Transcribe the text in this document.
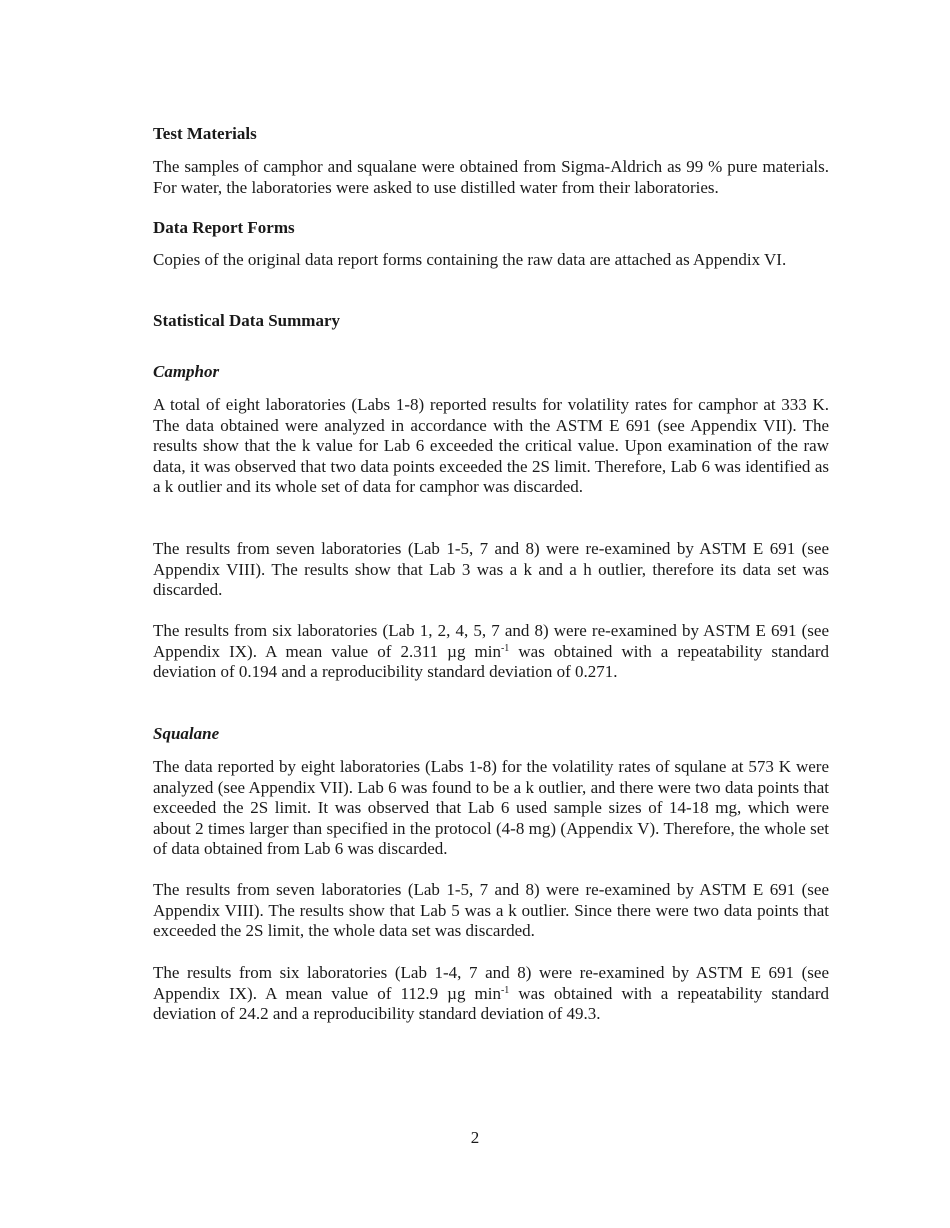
Test Materials

The samples of camphor and squalane were obtained from Sigma-Aldrich as 99 % pure materials. For water, the laboratories were asked to use distilled water from their laboratories.

Data Report Forms

Copies of the original data report forms containing the raw data are attached as Appendix VI.

Statistical Data Summary
Camphor

A total of eight laboratories (Labs 1-8) reported results for volatility rates for camphor at 333 K. The data obtained were analyzed in accordance with the ASTM E 691 (see Appendix VII). The results show that the k value for Lab 6 exceeded the critical value. Upon examination of the raw data, it was observed that two data points exceeded the 2S limit. Therefore, Lab 6 was identified as a k outlier and its whole set of data for camphor was discarded.

The results from seven laboratories (Lab 1-5, 7 and 8) were re-examined by ASTM E 691 (see Appendix VIII). The results show that Lab 3 was a k and a h outlier, therefore its data set was discarded.

The results from six laboratories (Lab 1, 2, 4, 5, 7 and 8) were re-examined by ASTM E 691 (see Appendix IX). A mean value of 2.311 µg $\min^{-1}$ was obtained with a repeatability standard deviation of 0.194 and a reproducibility standard deviation of 0.271.

Squalane

The data reported by eight laboratories (Labs 1-8) for the volatility rates of squlane at 573 K were analyzed (see Appendix VII). Lab 6 was found to be a k outlier, and there were two data points that exceeded the 2S limit. It was observed that Lab 6 used sample sizes of 14-18 mg, which were about 2 times larger than specified in the protocol (4-8 mg) (Appendix V). Therefore, the whole set of data obtained from Lab 6 was discarded.

The results from seven laboratories (Lab 1-5, 7 and 8) were re-examined by ASTM E 691 (see Appendix VIII). The results show that Lab 5 was a k outlier. Since there were two data points that exceeded the 2S limit, the whole data set was discarded.

The results from six laboratories (Lab 1-4, 7 and 8) were re-examined by ASTM E 691 (see Appendix IX). A mean value of 112.9 µg $\min^{-1}$ was obtained with a repeatability standard deviation of 24.2 and a reproducibility standard deviation of 49.3.

2
